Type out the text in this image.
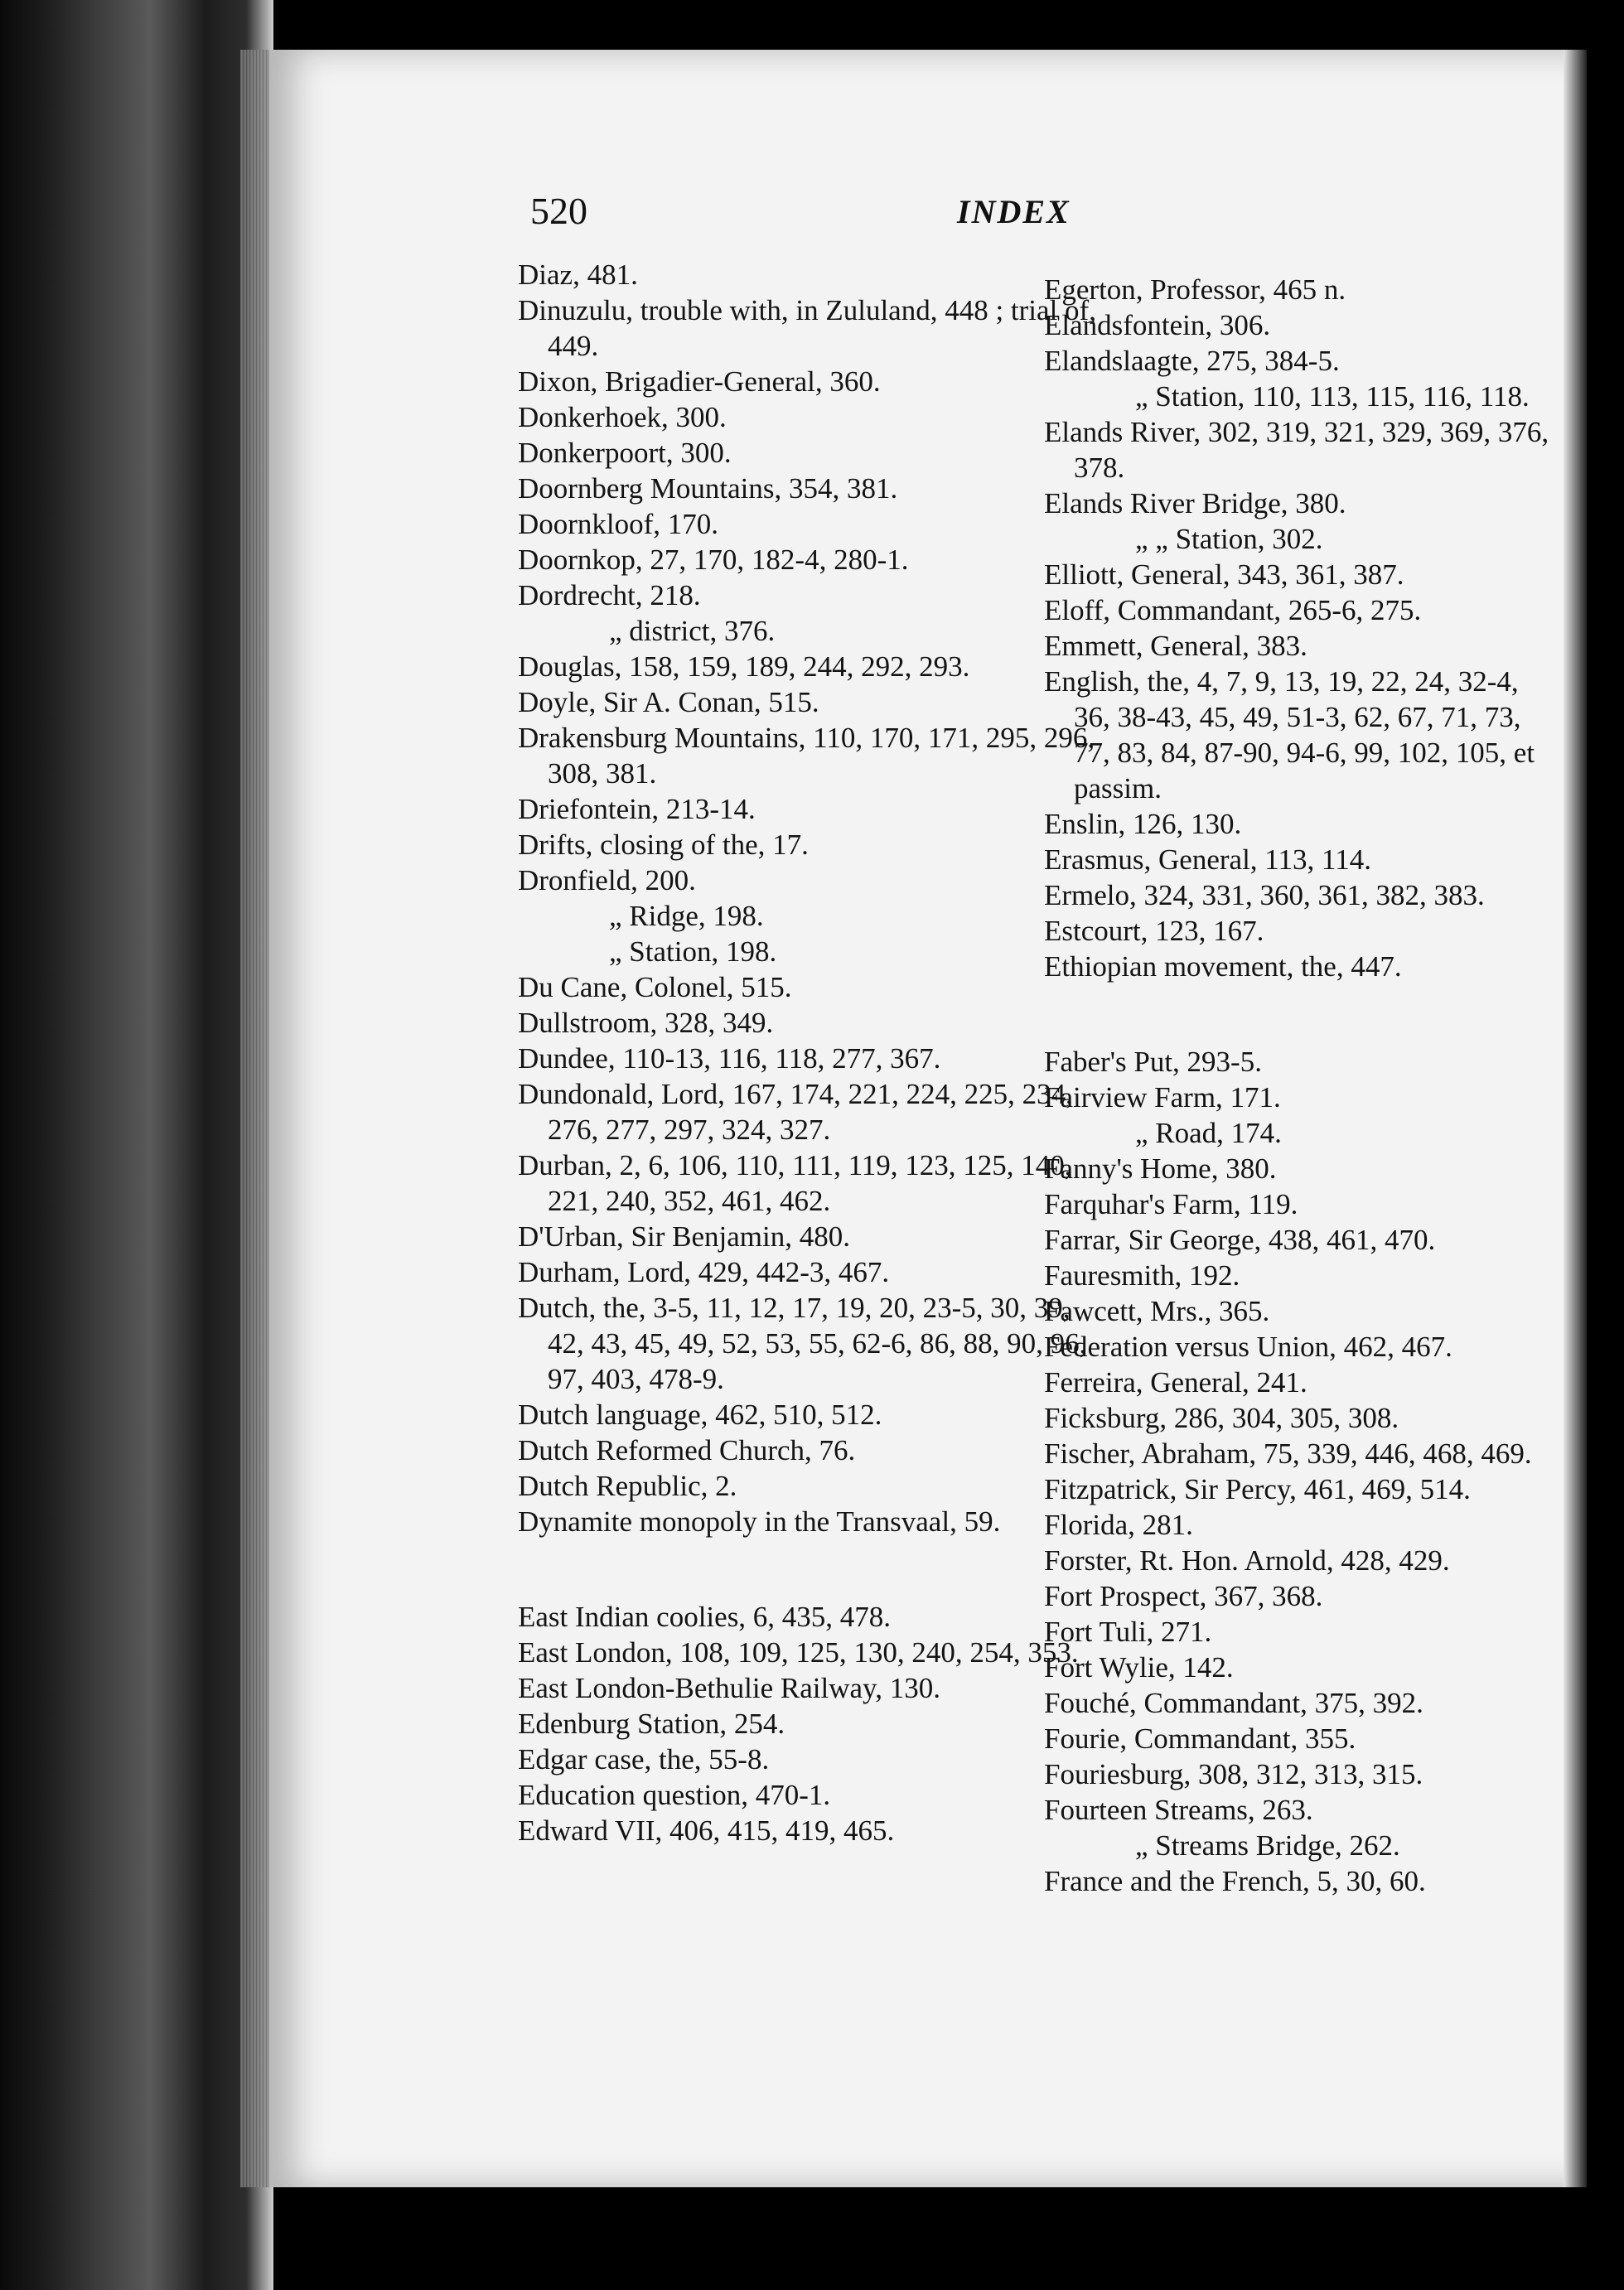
520	INDEX

Diaz, 481.

Dinuzulu, trouble with, in Zululand, 448 ; trial of, 449.

Dixon, Brigadier-General, 360.

Donkerhoek, 300.

Donkerpoort, 300.

Doornberg Mountains, 354, 381.

Doornkloof, 170.

Doornkop, 27, 170, 182-4, 280-1.

Dordrecht, 218.

„ district, 376.

Douglas, 158, 159, 189, 244, 292, 293.

Doyle, Sir A. Conan, 515.

Drakensburg Mountains, 110, 170, 171, 295, 296, 308, 381.

Driefontein, 213-14.

Drifts, closing of the, 17.

Dronfield, 200.

„ Ridge, 198.

„ Station, 198.

Du Cane, Colonel, 515.

Dullstroom, 328, 349.

Dundee, 110-13, 116, 118, 277, 367.

Dundonald, Lord, 167, 174, 221, 224, 225, 234, 276, 277, 297, 324, 327.

Durban, 2, 6, 106, 110, 111, 119, 123, 125, 140, 221, 240, 352, 461, 462.

D'Urban, Sir Benjamin, 480.

Durham, Lord, 429, 442-3, 467.

Dutch, the, 3-5, 11, 12, 17, 19, 20, 23-5, 30, 39, 42, 43, 45, 49, 52, 53, 55, 62-6, 86, 88, 90, 96, 97, 403, 478-9.

Dutch language, 462, 510, 512.

Dutch Reformed Church, 76.

Dutch Republic, 2.

Dynamite monopoly in the Transvaal, 59.

East Indian coolies, 6, 435, 478.

East London, 108, 109, 125, 130, 240, 254, 353.

East London-Bethulie Railway, 130.

Edenburg Station, 254.

Edgar case, the, 55-8.

Education question, 470-1.

Edward VII, 406, 415, 419, 465.

Egerton, Professor, 465 n.

Elandsfontein, 306.

Elandslaagte, 275, 384-5.

„ Station, 110, 113, 115, 116, 118.

Elands River, 302, 319, 321, 329, 369, 376, 378.

Elands River Bridge, 380.

„ „ Station, 302.

Elliott, General, 343, 361, 387.

Eloff, Commandant, 265-6, 275.

Emmett, General, 383.

English, the, 4, 7, 9, 13, 19, 22, 24, 32-4, 36, 38-43, 45, 49, 51-3, 62, 67, 71, 73, 77, 83, 84, 87-90, 94-6, 99, 102, 105, et passim.

Enslin, 126, 130.

Erasmus, General, 113, 114.

Ermelo, 324, 331, 360, 361, 382, 383.

Estcourt, 123, 167.

Ethiopian movement, the, 447.

Faber's Put, 293-5.

Fairview Farm, 171.

„ Road, 174.

Fanny's Home, 380.

Farquhar's Farm, 119.

Farrar, Sir George, 438, 461, 470.

Fauresmith, 192.

Fawcett, Mrs., 365.

Federation versus Union, 462, 467.

Ferreira, General, 241.

Ficksburg, 286, 304, 305, 308.

Fischer, Abraham, 75, 339, 446, 468, 469.

Fitzpatrick, Sir Percy, 461, 469, 514.

Florida, 281.

Forster, Rt. Hon. Arnold, 428, 429.

Fort Prospect, 367, 368.

Fort Tuli, 271.

Fort Wylie, 142.

Fouché, Commandant, 375, 392.

Fourie, Commandant, 355.

Fouriesburg, 308, 312, 313, 315.

Fourteen Streams, 263.

„ Streams Bridge, 262.

France and the French, 5, 30, 60.
